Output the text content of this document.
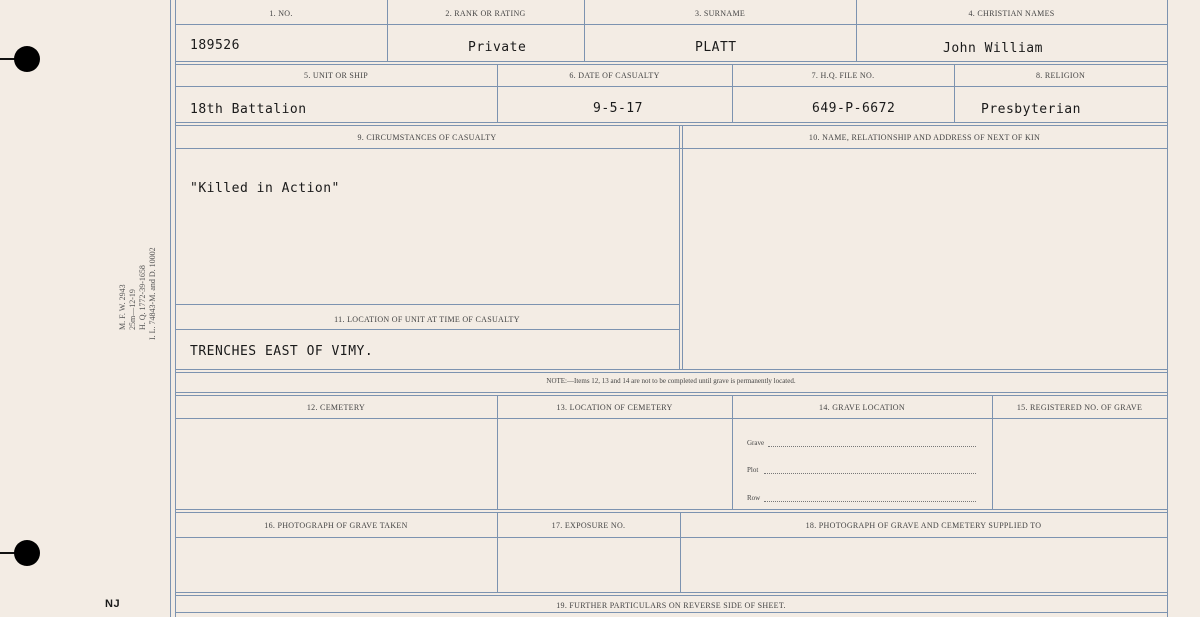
M. F. W. 2943 25m—12-19 H. Q. 1772-39-1658 I. L. 74843-M. and D. 10002
NJ
1. NO.	2. RANK OR RATING	3. SURNAME	4. CHRISTIAN NAMES
189526	Private	PLATT	John William
5. UNIT OR SHIP	6. DATE OF CASUALTY	7. H.Q. FILE NO.	8. RELIGION
18th Battalion	9-5-17	649-P-6672	Presbyterian
9. CIRCUMSTANCES OF CASUALTY	10. NAME, RELATIONSHIP AND ADDRESS OF NEXT OF KIN
"Killed in Action"
11. LOCATION OF UNIT AT TIME OF CASUALTY
TRENCHES EAST OF VIMY.
NOTE:—Items 12, 13 and 14 are not to be completed until grave is permanently located.
12. CEMETERY	13. LOCATION OF CEMETERY	14. GRAVE LOCATION	15. REGISTERED NO. OF GRAVE
Grave
Plot
Row
16. PHOTOGRAPH OF GRAVE TAKEN	17. EXPOSURE NO.	18. PHOTOGRAPH OF GRAVE AND CEMETERY SUPPLIED TO
19. FURTHER PARTICULARS ON REVERSE SIDE OF SHEET.
